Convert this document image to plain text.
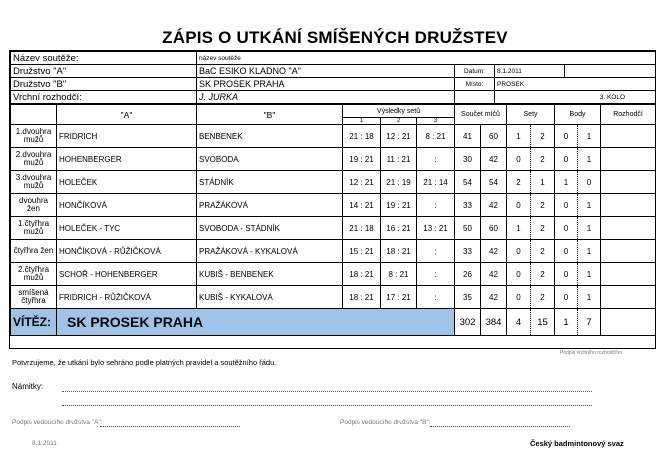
ZÁPIS O UTKÁNÍ SMÍŠENÝCH DRUŽSTEV
Název soutěže:	název soutěže			
Družstvo "A"	BaC ESIKO KLADNO "A"	Datum:	8.1.2011	
Družstvo "B"	SK PROSEK PRAHA	Místo:	PROSEK	
Vrchní rozhodčí:	J. JURKA		3. KOLO	
	"A"	"B"	Výsledky setů			Součet míčů		Sety		Body		Rozhodčí
			1	2	3							
1.dvouhra mužů	FRIDRICH	BENBENEK	21 : 18	12 : 21	8 : 21	41	60	1	2	0	1	
2.dvouhra mužů	HOHENBERGER	SVOBODA	19 : 21	11 : 21	:	30	42	0	2	0	1	
3.dvouhra mužů	HOLEČEK	STÁDNÍK	12 : 21	21 : 19	21 : 14	54	54	2	1	1	0	
dvouhra žen	HONČÍKOVÁ	PRAŽÁKOVÁ	14 : 21	19 : 21	:	33	42	0	2	0	1	
1.čtyřhra mužů	HOLEČEK - TYC	SVOBODA - STÁDNÍK	21 : 18	16 : 21	13 : 21	50	60	1	2	0	1	
čtyřhra žen	HONČÍKOVÁ - RŮŽIČKOVÁ	PRAŽÁKOVÁ - KYKALOVÁ	15 : 21	18 : 21	:	33	42	0	2	0	1	
2.čtyřhra mužů	SCHOŘ - HOHENBERGER	KUBIŠ - BENBENEK	18 : 21	8 : 21	:	26	42	0	2	0	1	
smíšená čtyřhra	FRIDRICH - RŮŽIČKOVÁ	KUBIŠ - KYKALOVÁ	18 : 21	17 : 21	:	35	42	0	2	0	1	
VÍTĚZ:	SK PROSEK PRAHA					302	384	4	15	1	7	
Podpis vrchního rozhodčího
Potvrzujeme, že utkání bylo sehráno podle platných pravidel a soutěžního řádu.
Námitky:
Podpis vedoucího družstva "A":	Podpis vedoucího družstva "B":
8.1.2011	Český badmintonový svaz
